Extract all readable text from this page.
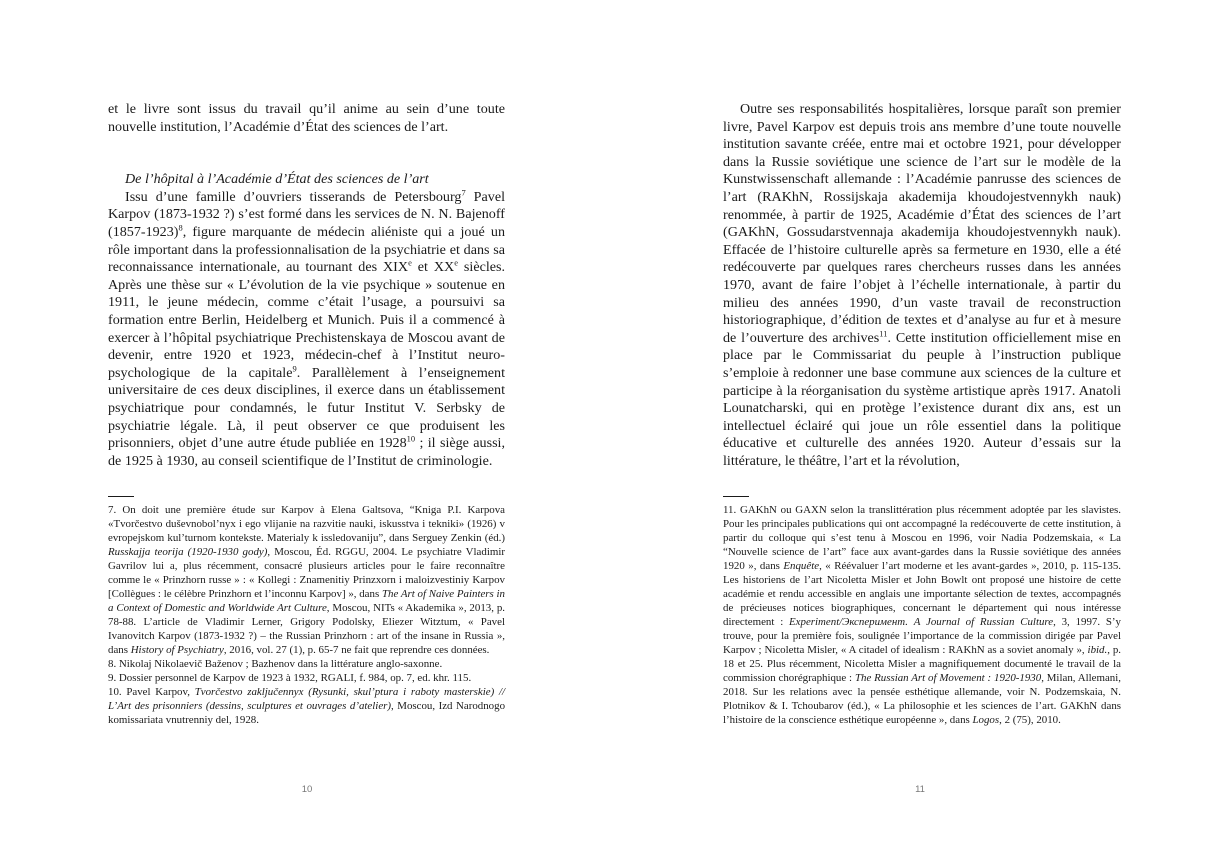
et le livre sont issus du travail qu’il anime au sein d’une toute nouvelle institution, l’Académie d’État des sciences de l’art.

De l’hôpital à l’Académie d’État des sciences de l’art

Issu d’une famille d’ouvriers tisserands de Petersbourg$^7$ Pavel Karpov (1873-1932 ?) s’est formé dans les services de N. N. Bajenoff (1857-1923)$^8$, figure marquante de médecin aliéniste qui a joué un rôle important dans la professionnalisation de la psychiatrie et dans sa reconnaissance internationale, au tournant des XIXe et XXe siècles. Après une thèse sur « L’évolution de la vie psychique » soutenue en 1911, le jeune médecin, comme c’était l’usage, a poursuivi sa formation entre Berlin, Heidelberg et Munich. Puis il a commencé à exercer à l’hôpital psychiatrique Prechistenskaya de Moscou avant de devenir, entre 1920 et 1923, médecin-chef à l’Institut neuro-psychologique de la capitale$^9$. Parallèlement à l’enseignement universitaire de ces deux disciplines, il exerce dans un établissement psychiatrique pour condamnés, le futur Institut V. Serbsky de psychiatrie légale. Là, il peut observer ce que produisent les prisonniers, objet d’une autre étude publiée en 1928$^{10}$ ; il siège aussi, de 1925 à 1930, au conseil scientifique de l’Institut de criminologie.

7. On doit une première étude sur Karpov à Elena Galtsova, “Kniga P.I. Karpova «Tvorčestvo duševnobol’nyx i ego vlijanie na razvitie nauki, iskusstva i tekniki» (1926) v evropejskom kul’turnom kontekste. Materialy k issledovaniju”, dans Serguey Zenkin (éd.) Russkajja teorija (1920-1930 gody), Moscou, Éd. RGGU, 2004. Le psychiatre Vladimir Gavrilov lui a, plus récemment, consacré plusieurs articles pour le faire reconnaître comme le « Prinzhorn russe » : « Kollegi : Znamenitiy Prinzxorn i maloizvestiniy Karpov [Collègues : le célèbre Prinzhorn et l’inconnu Karpov] », dans The Art of Naive Painters in a Context of Domestic and Worldwide Art Culture, Moscou, NITs « Akademika », 2013, p. 78-88. L’article de Vladimir Lerner, Grigory Podolsky, Eliezer Witztum, « Pavel Ivanovitch Karpov (1873-1932 ?) – the Russian Prinzhorn : art of the insane in Russia », dans History of Psychiatry, 2016, vol. 27 (1), p. 65-7 ne fait que reprendre ces données.

8. Nikolaj Nikolaevič Baženov ; Bazhenov dans la littérature anglo-saxonne.

9. Dossier personnel de Karpov de 1923 à 1932, RGALI, f. 984, op. 7, ed. khr. 115.

10. Pavel Karpov, Tvorčestvo zaključennyx (Rysunki, skul’ptura i raboty masterskie) // L’Art des prisonniers (dessins, sculptures et ouvrages d’atelier), Moscou, Izd Narodnogo komissariata vnutrenniy del, 1928.

10

Outre ses responsabilités hospitalières, lorsque paraît son premier livre, Pavel Karpov est depuis trois ans membre d’une toute nouvelle institution savante créée, entre mai et octobre 1921, pour développer dans la Russie soviétique une science de l’art sur le modèle de la Kunstwissenschaft allemande : l’Académie panrusse des sciences de l’art (RAKhN, Rossijskaja akademija khoudojestvennykh nauk) renommée, à partir de 1925, Académie d’État des sciences de l’art (GAKhN, Gossudarstvennaja akademija khoudojestvennykh nauk). Effacée de l’histoire culturelle après sa fermeture en 1930, elle a été redécouverte par quelques rares chercheurs russes dans les années 1970, avant de faire l’objet à l’échelle internationale, à partir du milieu des années 1990, d’un vaste travail de reconstruction historiographique, d’édition de textes et d’analyse au fur et à mesure de l’ouverture des archives$^{11}$. Cette institution officiellement mise en place par le Commissariat du peuple à l’instruction publique s’emploie à redonner une base commune aux sciences de la culture et participe à la réorganisation du système artistique après 1917. Anatoli Lounatcharski, qui en protège l’existence durant dix ans, est un intellectuel éclairé qui joue un rôle essentiel dans la politique éducative et culturelle des années 1920. Auteur d’essais sur la littérature, le théâtre, l’art et la révolution,

11. GAKhN ou GAXN selon la translittération plus récemment adoptée par les slavistes. Pour les principales publications qui ont accompagné la redécouverte de cette institution, à partir du colloque qui s’est tenu à Moscou en 1996, voir Nadia Podzemskaia, « La “Nouvelle science de l’art” face aux avant-gardes dans la Russie soviétique des années 1920 », dans Enquête, « Réévaluer l’art moderne et les avant-gardes », 2010, p. 115-135. Les historiens de l’art Nicoletta Misler et John Bowlt ont proposé une histoire de cette académie et rendu accessible en anglais une importante sélection de textes, accompagnés de précieuses notices biographiques, concernant le département qui nous intéresse directement : Experiment/Эксперимент. A Journal of Russian Culture, 3, 1997. S’y trouve, pour la première fois, soulignée l’importance de la commission dirigée par Pavel Karpov ; Nicoletta Misler, « A citadel of idealism : RAKhN as a soviet anomaly », ibid., p. 18 et 25. Plus récemment, Nicoletta Misler a magnifiquement documenté le travail de la commission chorégraphique : The Russian Art of Movement : 1920-1930, Milan, Allemani, 2018. Sur les relations avec la pensée esthétique allemande, voir N. Podzemskaia, N. Plotnikov & I. Tchoubarov (éd.), « La philosophie et les sciences de l’art. GAKhN dans l’histoire de la conscience esthétique européenne », dans Logos, 2 (75), 2010.

11
